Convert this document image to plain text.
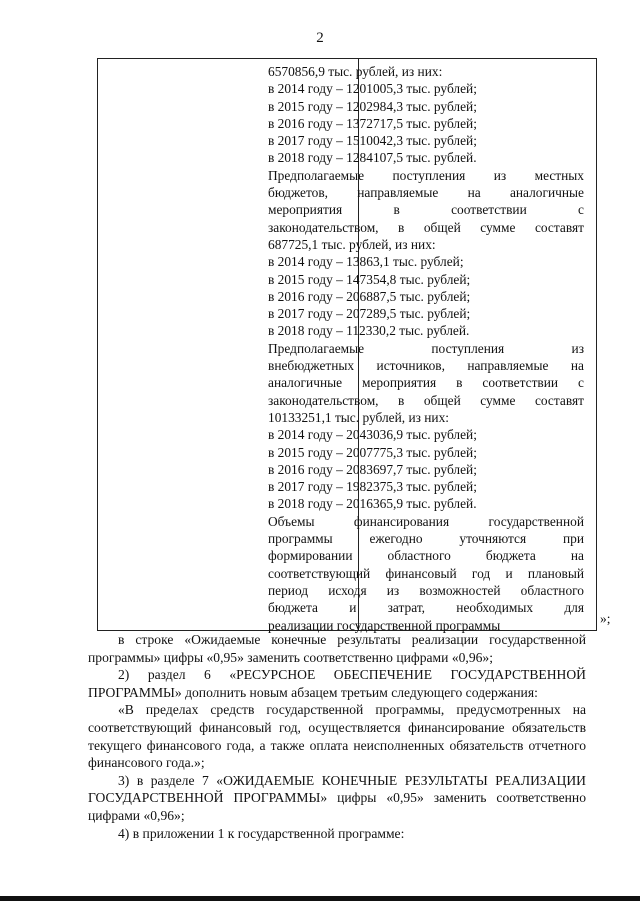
2
6570856,9 тыс. рублей, из них:
в 2014 году – 1201005,3 тыс. рублей;
в 2015 году – 1202984,3 тыс. рублей;
в 2016 году – 1372717,5 тыс. рублей;
в 2017 году – 1510042,3 тыс. рублей;
в 2018 году – 1284107,5 тыс. рублей.
Предполагаемые поступления из местных
бюджетов, направляемые на аналогичные
мероприятия в соответствии с
законодательством, в общей сумме составят
687725,1 тыс. рублей, из них:
в 2014 году – 13863,1 тыс. рублей;
в 2015 году – 147354,8 тыс. рублей;
в 2016 году – 206887,5 тыс. рублей;
в 2017 году – 207289,5 тыс. рублей;
в 2018 году – 112330,2 тыс. рублей.
Предполагаемые поступления из
внебюджетных источников, направляемые на
аналогичные мероприятия в соответствии с
законодательством, в общей сумме составят
10133251,1 тыс. рублей, из них:
в 2014 году – 2043036,9 тыс. рублей;
в 2015 году – 2007775,3 тыс. рублей;
в 2016 году – 2083697,7 тыс. рублей;
в 2017 году – 1982375,3 тыс. рублей;
в 2018 году – 2016365,9 тыс. рублей.
Объемы финансирования государственной
программы ежегодно уточняются при
формировании областного бюджета на
соответствующий финансовый год и плановый
период исходя из возможностей областного
бюджета и затрат, необходимых для
реализации государственной программы	»;

в строке «Ожидаемые конечные результаты реализации государственной программы» цифры «0,95» заменить соответственно цифрами «0,96»;

2) раздел 6 «РЕСУРСНОЕ ОБЕСПЕЧЕНИЕ ГОСУДАРСТВЕННОЙ ПРОГРАММЫ» дополнить новым абзацем третьим следующего содержания:

«В пределах средств государственной программы, предусмотренных на соответствующий финансовый год, осуществляется финансирование обязательств текущего финансового года, а также оплата неисполненных обязательств отчетного финансового года.»;

3) в разделе 7 «ОЖИДАЕМЫЕ КОНЕЧНЫЕ РЕЗУЛЬТАТЫ РЕАЛИЗАЦИИ ГОСУДАРСТВЕННОЙ ПРОГРАММЫ» цифры «0,95» заменить соответственно цифрами «0,96»;

4) в приложении 1 к государственной программе:
